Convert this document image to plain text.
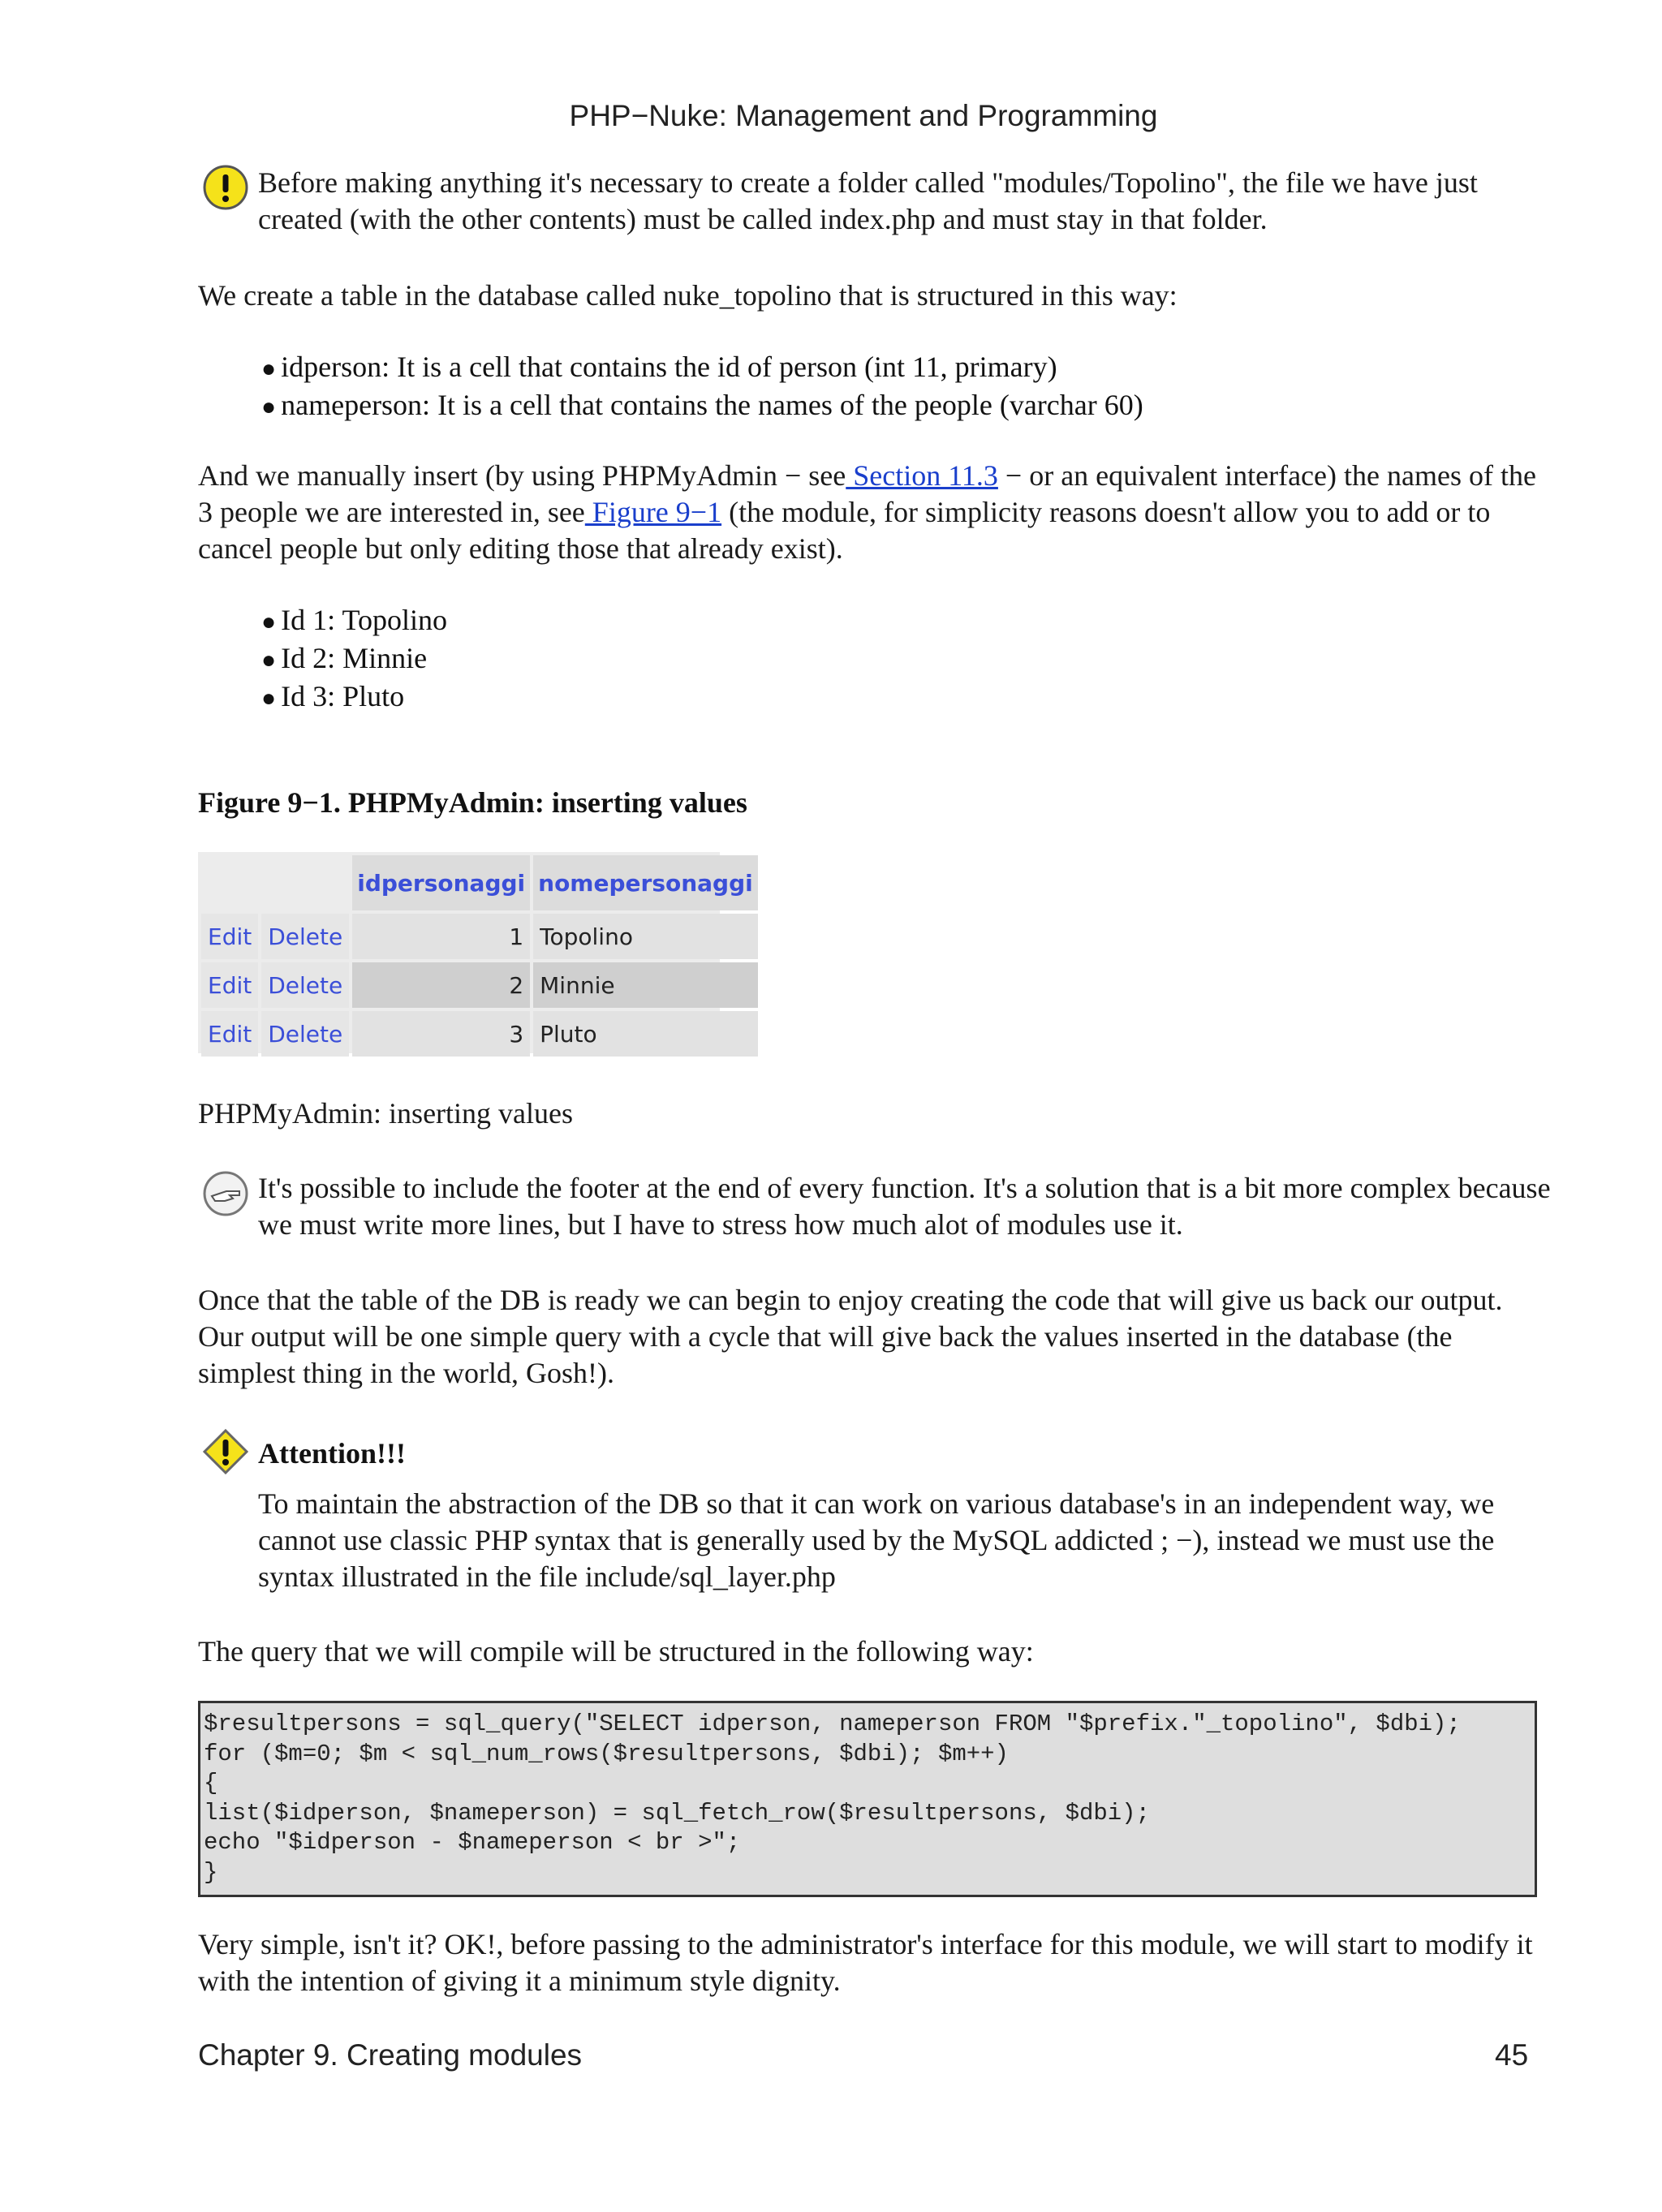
PHP−Nuke: Management and Programming
Before making anything it's necessary to create a folder called "modules/Topolino", the file we have just created (with the other contents) must be called index.php and must stay in that folder.
We create a table in the database called nuke_topolino that is structured in this way:
● idperson: It is a cell that contains the id of person (int 11, primary)
● nameperson: It is a cell that contains the names of the people (varchar 60)
And we manually insert (by using PHPMyAdmin − see Section 11.3 − or an equivalent interface) the names of the 3 people we are interested in, see Figure 9−1 (the module, for simplicity reasons doesn't allow you to add or to cancel people but only editing those that already exist).
● Id 1: Topolino
● Id 2: Minnie
● Id 3: Pluto
Figure 9−1. PHPMyAdmin: inserting values
		idpersonaggi	nomepersonaggi
Edit	Delete	1	Topolino
Edit	Delete	2	Minnie
Edit	Delete	3	Pluto
PHPMyAdmin: inserting values
It's possible to include the footer at the end of every function. It's a solution that is a bit more complex because we must write more lines, but I have to stress how much alot of modules use it.
Once that the table of the DB is ready we can begin to enjoy creating the code that will give us back our output. Our output will be one simple query with a cycle that will give back the values inserted in the database (the simplest thing in the world, Gosh!).
Attention!!!
To maintain the abstraction of the DB so that it can work on various database's in an independent way, we cannot use classic PHP syntax that is generally used by the MySQL addicted ; −), instead we must use the syntax illustrated in the file include/sql_layer.php
The query that we will compile will be structured in the following way:
$resultpersons = sql_query("SELECT idperson, nameperson FROM "$prefix."_topolino", $dbi);
for ($m=0; $m < sql_num_rows($resultpersons, $dbi); $m++)
{
list($idperson, $nameperson) = sql_fetch_row($resultpersons, $dbi);
echo "$idperson - $nameperson < br >";
}
Very simple, isn't it? OK!, before passing to the administrator's interface for this module, we will start to modify it with the intention of giving it a minimum style dignity.
Chapter 9. Creating modules	45
